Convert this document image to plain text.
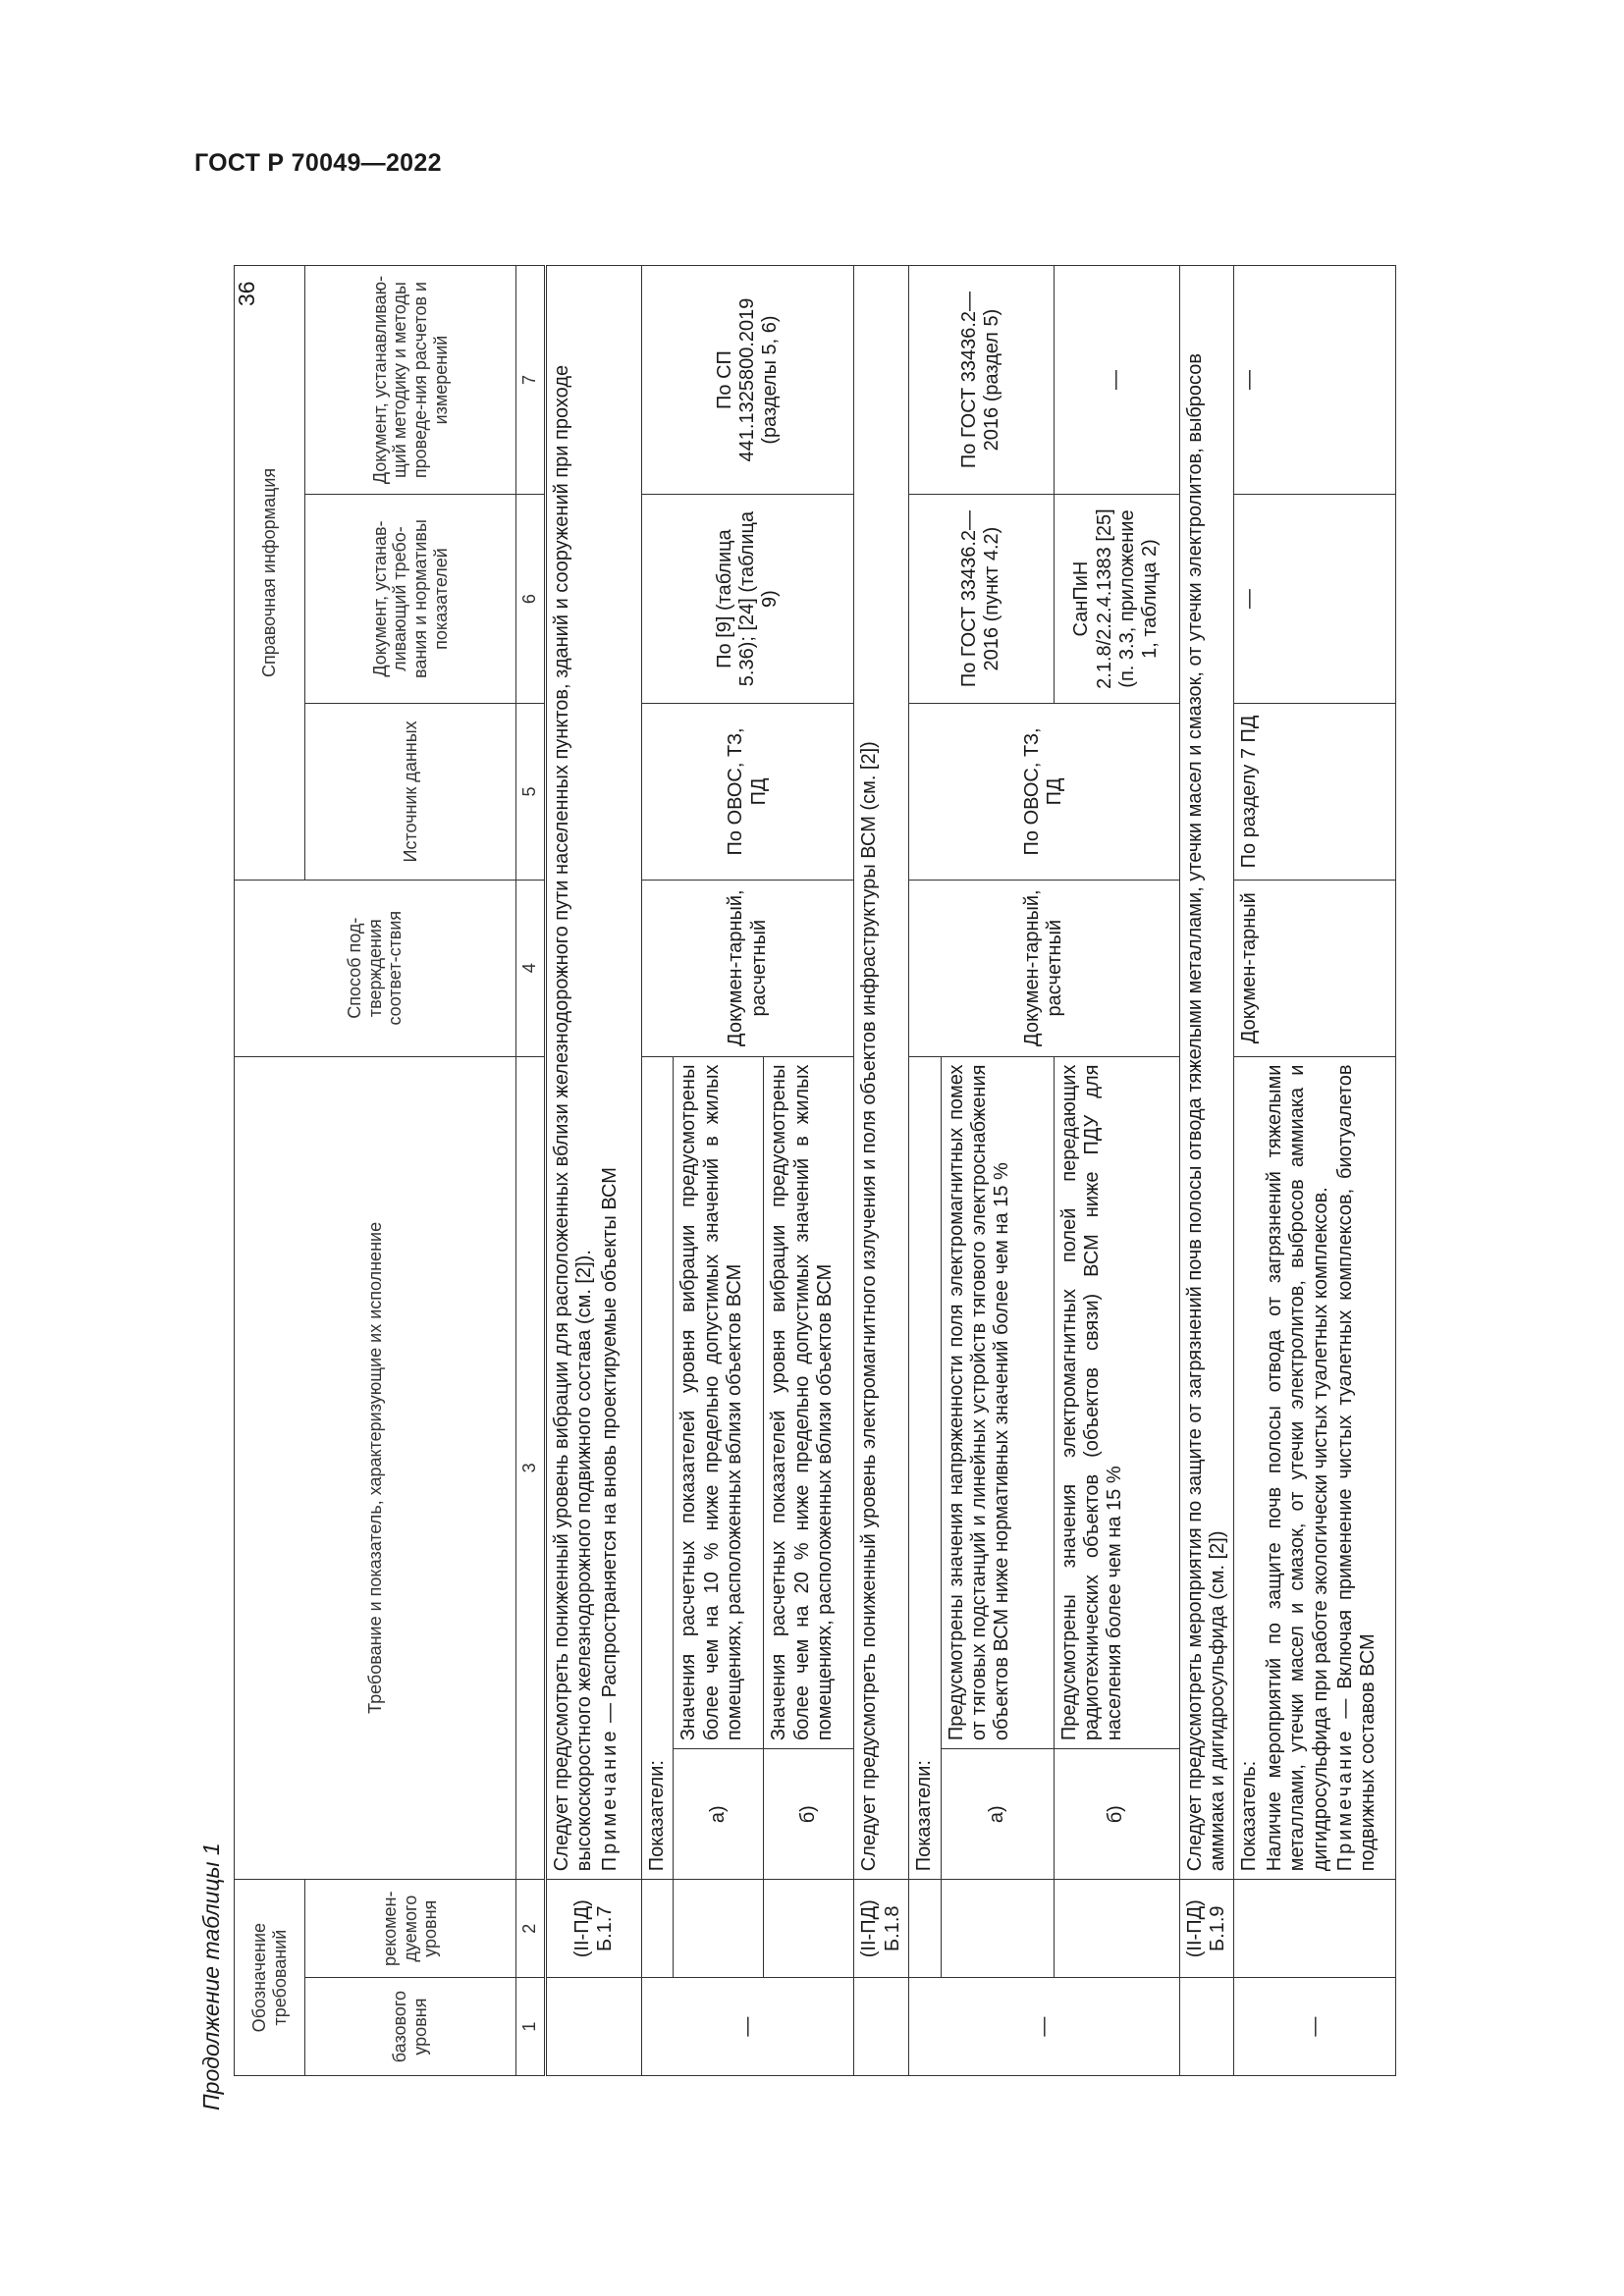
ГОСТ Р 70049—2022
Продолжение таблицы 1
36
Обозначение требований		Требование и показатель, характеризующие их исполнение		Способ под-тверждения соответ-ствия	Справочная информация		
базового уровня	рекомен-дуемого уровня				Источник данных	Документ, устанав-ливающий требо-вания и нормативы показателей	Документ, устанавливаю-щий методику и методы проведе-ния расчетов и измерений
1	2	3		4	5	6	7
	(II-ПД) Б.1.7	Следует предусмотреть пониженный уровень вибрации для расположенных вблизи железнодорожного пути населенных пунктов, зданий и сооружений при проходе высокоскоростного железнодорожного подвижного состава (см. [2]). Примечание — Распространяется на вновь проектируемые объекты ВСМ					

—		Показатели:		Докумен-тарный, расчетный	По ОВОС, ТЗ, ПД	По [9] (таблица 5.36); [24] (таблица 9)	По СП 441.1325800.2019 (разделы 5, 6)
		а)	Значения расчетных показателей уровня вибрации предусмотрены более чем на 10 % ниже предельно допустимых значений в жилых помещениях, расположенных вблизи объектов ВСМ				
		б)	Значения расчетных показателей уровня вибрации предусмотрены более чем на 20 % ниже предельно допустимых значений в жилых помещениях, расположенных вблизи объектов ВСМ				
	(II-ПД) Б.1.8	Следует предусмотреть пониженный уровень электромагнитного излучения и поля объектов инфраструктуры ВСМ (см. [2])					
—		Показатели:		Докумен-тарный, расчетный	По ОВОС, ТЗ, ПД	По ГОСТ 33436.2—2016 (пункт 4.2)	По ГОСТ 33436.2—2016 (раздел 5)
		а)	Предусмотрены значения напряженности поля электромагнитных помех от тяговых подстанций и линейных устройств тягового электроснабжения объектов ВСМ ниже нормативных значений более чем на 15 %				
		б)	Предусмотрены значения электромагнитных полей передающих радиотехнических объектов (объектов связи) ВСМ ниже ПДУ для населения более чем на 15 %			СанПиН 2.1.8/2.2.4.1383 [25] (п. 3.3, приложение 1, таблица 2)	—
	(II-ПД) Б.1.9	Следует предусмотреть мероприятия по защите от загрязнений почв полосы отвода тяжелыми металлами, утечки масел и смазок, от утечки электролитов, выбросов аммиака и дигидросульфида (см. [2])					
—		Показатель: Наличие мероприятий по защите почв полосы отвода от загрязнений тяжелыми металлами, утечки масел и смазок, от утечки электролитов, выбросов аммиака и дигидросульфида при работе экологически чистых туалетных комплексов. Примечание — Включая применение чистых туалетных комплексов, биотуалетов подвижных составов ВСМ		Докумен-тарный	По разделу 7 ПД	—	—
